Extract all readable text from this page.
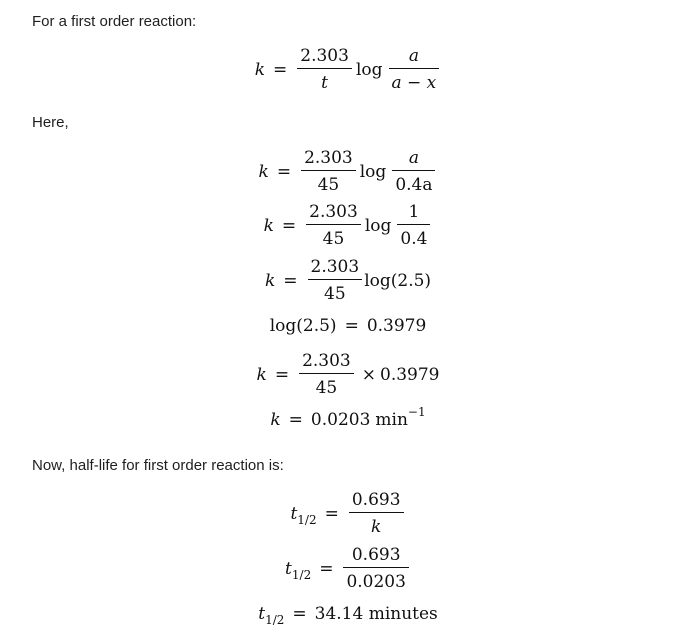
For a first order reaction:

$k = \frac{2.303}{t}$ $\log \frac{a}{a - x}$

Here,

$k = \frac{2.303}{45}$ $\log \frac{a}{0.4a}$
$k = \frac{2.303}{45}$ $\log \frac{1}{0.4}$
$k = \frac{2.303}{45} \log(2.5)$
log(2.5) = 0.3979
$k = \frac{2.303}{45} \times 0.3979$
k = 0.0203 min −1

Now, half-life for first order reaction is:

$t_{1/2} = \frac{0.693}{k}$
$t_{1/2} = \frac{0.693}{0.0203}$
$t_{1/2} = 34.14$ minutes
